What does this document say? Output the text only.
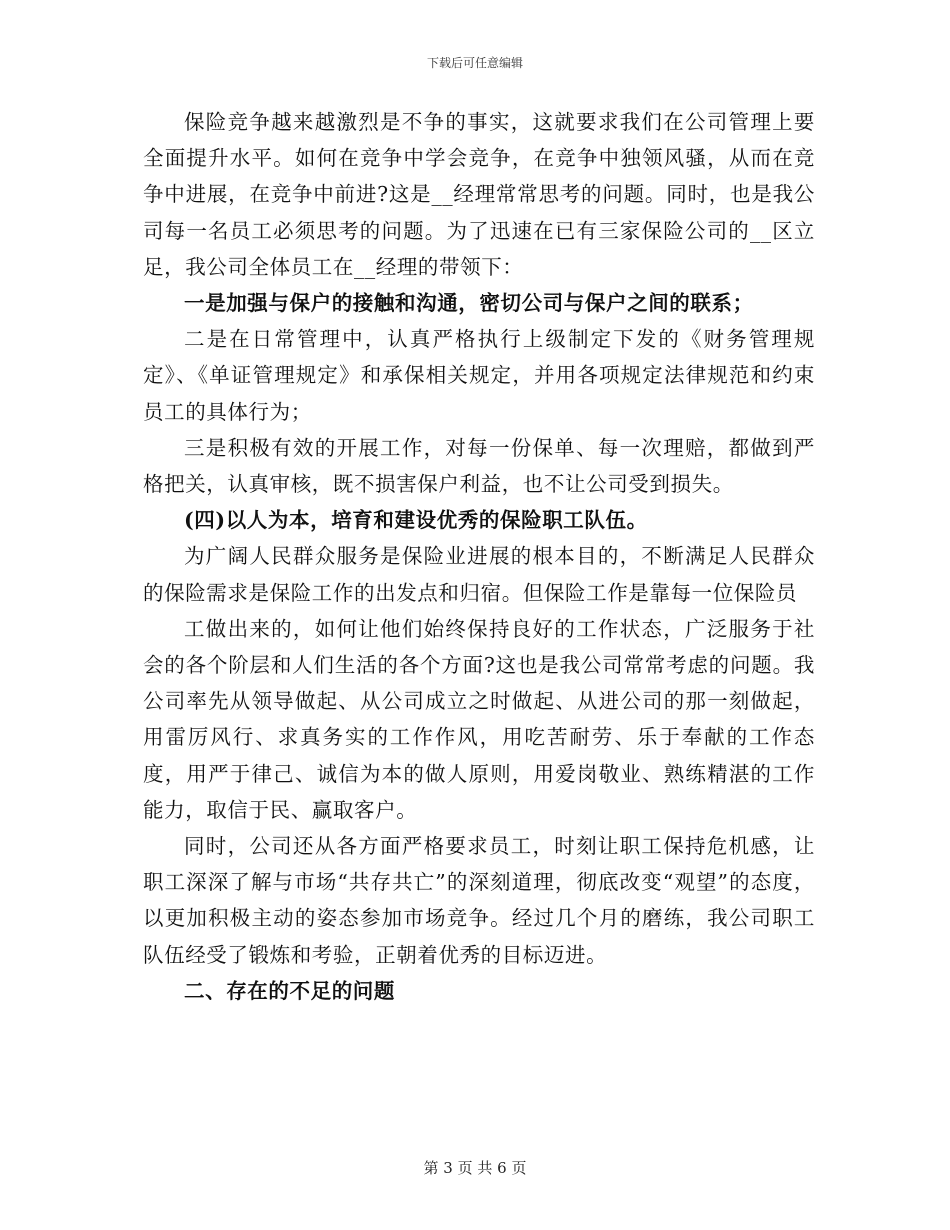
下载后可任意编辑

保险竞争越来越激烈是不争的事实，这就要求我们在公司管理上要全面提升水平。如何在竞争中学会竞争，在竞争中独领风骚，从而在竞争中进展，在竞争中前进?这是__经理常常思考的问题。同时，也是我公司每一名员工必须思考的问题。为了迅速在已有三家保险公司的__区立足，我公司全体员工在__经理的带领下：

一是加强与保户的接触和沟通，密切公司与保户之间的联系；

二是在日常管理中，认真严格执行上级制定下发的《财务管理规定》、《单证管理规定》和承保相关规定，并用各项规定法律规范和约束员工的具体行为；

三是积极有效的开展工作，对每一份保单、每一次理赔，都做到严格把关，认真审核，既不损害保户利益，也不让公司受到损失。

(四)以人为本，培育和建设优秀的保险职工队伍。

为广阔人民群众服务是保险业进展的根本目的，不断满足人民群众的保险需求是保险工作的出发点和归宿。但保险工作是靠每一位保险员

工做出来的，如何让他们始终保持良好的工作状态，广泛服务于社会的各个阶层和人们生活的各个方面?这也是我公司常常考虑的问题。我公司率先从领导做起、从公司成立之时做起、从进公司的那一刻做起，用雷厉风行、求真务实的工作作风，用吃苦耐劳、乐于奉献的工作态度，用严于律己、诚信为本的做人原则，用爱岗敬业、熟练精湛的工作能力，取信于民、赢取客户。

同时，公司还从各方面严格要求员工，时刻让职工保持危机感，让职工深深了解与市场“共存共亡”的深刻道理，彻底改变“观望”的态度，以更加积极主动的姿态参加市场竞争。经过几个月的磨练，我公司职工队伍经受了锻炼和考验，正朝着优秀的目标迈进。

二、存在的不足的问题

第 3 页 共 6 页
